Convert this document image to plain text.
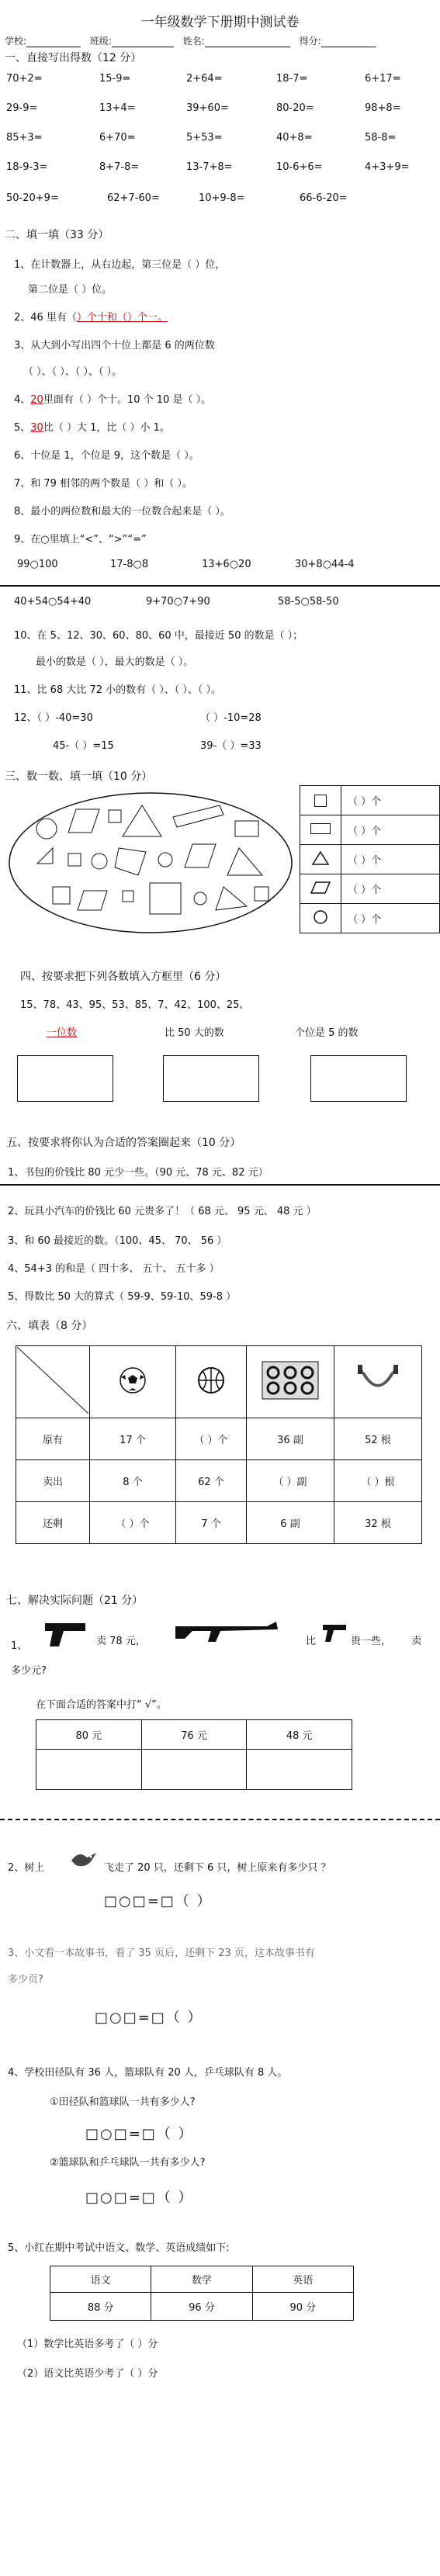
一年级数学下册期中测试卷
学校:	班级:	姓名:	得分:
一、直接写出得数（12 分）
70+2=	15-9=	2+64=	18-7=	6+17=
29-9=	13+4=	39+60=	80-20=	98+8=
85+3=	6+70=	5+53=	40+8=	58-8=
18-9-3=	8+7-8=	13-7+8=	10-6+6=	4+3+9=
50-20+9=	62+7-60=	10+9-8=	66-6-20=
二、填一填（33 分）
1、在计数器上，从右边起，第三位是（ ）位，
第二位是（ ）位。
2、46 里有（）个十和（）个一。
3、从大到小写出四个十位上都是 6 的两位数
（ ）、（ ）、（ ）、（ ）。
4、20里面有（ ）个十。10 个 10 是（ ）。
5、30比（ ）大 1，比（ ）小 1。
6、十位是 1，个位是 9，这个数是（ ）。
7、和 79 相邻的两个数是（ ）和（ ）。
8、最小的两位数和最大的一位数合起来是（ ）。
9、在○里填上“<”、“>”“=”
99○100	17-8○8	13+6○20	30+8○44-4
40+54○54+40	9+70○7+90	58-5○58-50
10、在 5、12、30、60、80、60 中，最接近 50 的数是（ ）；
最小的数是（ ），最大的数是（ ）。
11、比 68 大比 72 小的数有（ ）、（ ）、（ ）。
12、（ ）-40=30	（ ）-10=28
45-（ ）=15	39-（ ）=33
三、数一数、填一填（10 分）
	（ ）个
	（ ）个
	（ ）个
	（ ）个
	（ ）个
四、按要求把下列各数填入方框里（6 分）
15、78、43、95、53、85、7、42、100、25、
一位数	比 50 大的数	个位是 5 的数
五、按要求将你认为合适的答案圈起来（10 分）
1、书包的价钱比 80 元少一些。（90 元、78 元、82 元）
2、玩具小汽车的价钱比 60 元贵多了！（ 68 元、 95 元、 48 元 ）
3、和 60 最接近的数。（100、45、 70、 56 ）
4、54+3 的和是（ 四十多、 五十、 五十多 ）
5、得数比 50 大的算式（ 59-9、59-10、59-8 ）
六、填表（8 分）

原有	17 个	（ ）个	36 副	52 根
卖出	8 个	62 个	（ ）副	（ ）根
还剩	（ ）个	7 个	6 副	32 根
七、解决实际问题（21 分）
1、	卖 78 元，	比	贵一些， 卖
多少元?
在下面合适的答案中打“ √”。
80 元	76 元	48 元

2、树上	飞走了 20 只，还剩下 6 只，树上原来有多少只 ？
□○□=□（ ）
3、小文看一本故事书，看了 35 页后，还剩下 23 页，这本故事书有
多少页?
□○□=□（ ）
4、学校田径队有 36 人，篮球队有 20 人，乒乓球队有 8 人。
①田径队和篮球队一共有多少人?
□○□=□（ ）
②篮球队和乒乓球队一共有多少人?
□○□=□（ ）
5、小红在期中考试中语文、数学、英语成绩如下:
语文	数学	英语
88 分	96 分	90 分
（1）数学比英语多考了（ ）分
（2）语文比英语少考了（ ）分
